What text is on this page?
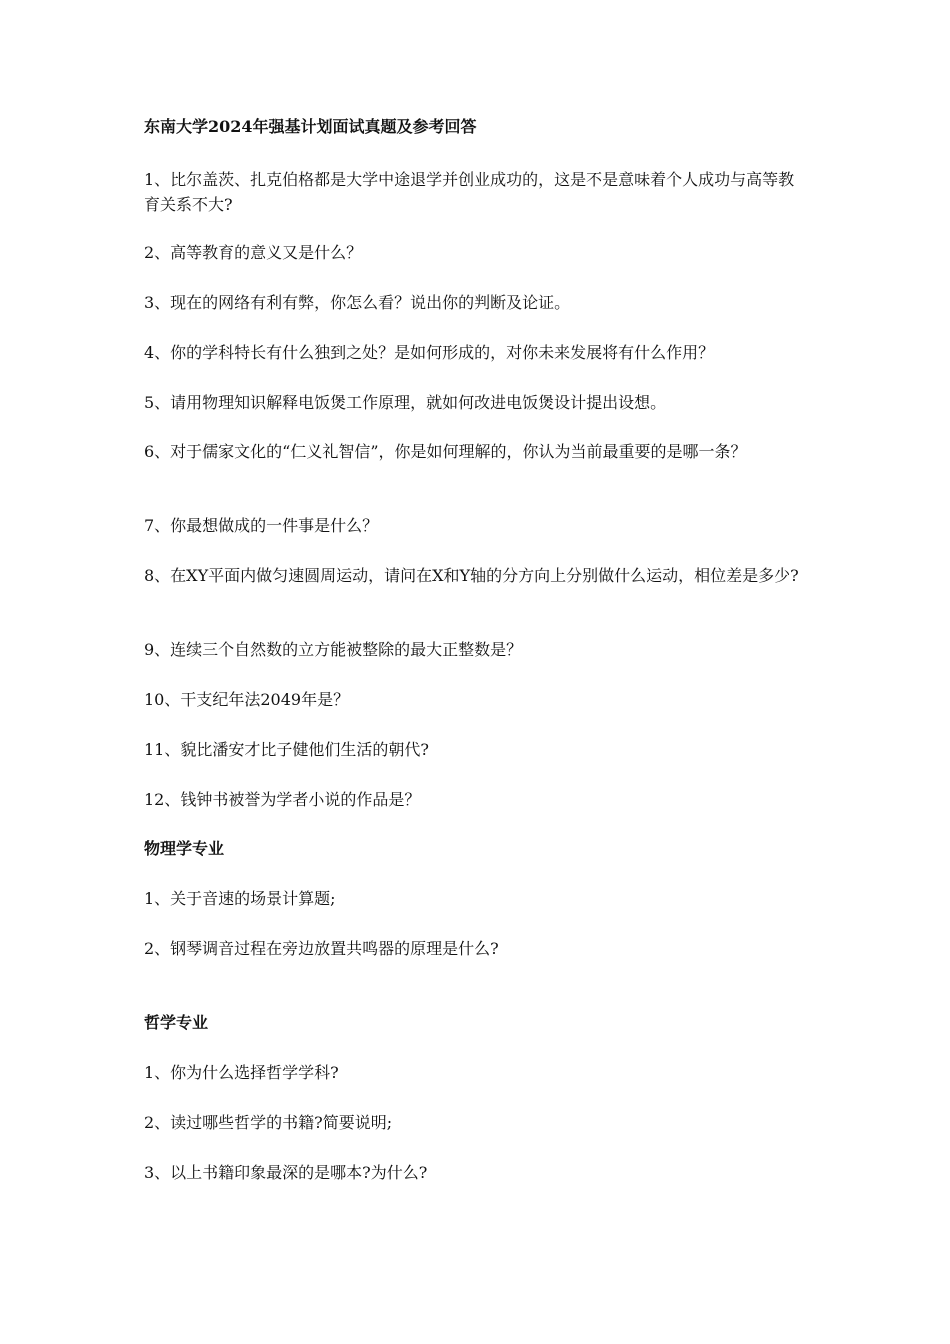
东南大学2024年强基计划面试真题及参考回答
1、比尔盖茨、扎克伯格都是大学中途退学并创业成功的，这是不是意味着个人成功与高等教育关系不大?
2、高等教育的意义又是什么？
3、现在的网络有利有弊，你怎么看？说出你的判断及论证。
4、你的学科特长有什么独到之处？是如何形成的，对你未来发展将有什么作用？
5、请用物理知识解释电饭煲工作原理，就如何改进电饭煲设计提出设想。
6、对于儒家文化的“仁义礼智信”，你是如何理解的，你认为当前最重要的是哪一条？
7、你最想做成的一件事是什么？
8、在XY平面内做匀速圆周运动，请问在X和Y轴的分方向上分别做什么运动，相位差是多少?
9、连续三个自然数的立方能被整除的最大正整数是？
10、干支纪年法2049年是？
11、貌比潘安才比子健他们生活的朝代?
12、钱钟书被誉为学者小说的作品是？
物理学专业
1、关于音速的场景计算题;
2、钢琴调音过程在旁边放置共鸣器的原理是什么?
哲学专业
1、你为什么选择哲学学科?
2、读过哪些哲学的书籍?简要说明;
3、以上书籍印象最深的是哪本?为什么?
